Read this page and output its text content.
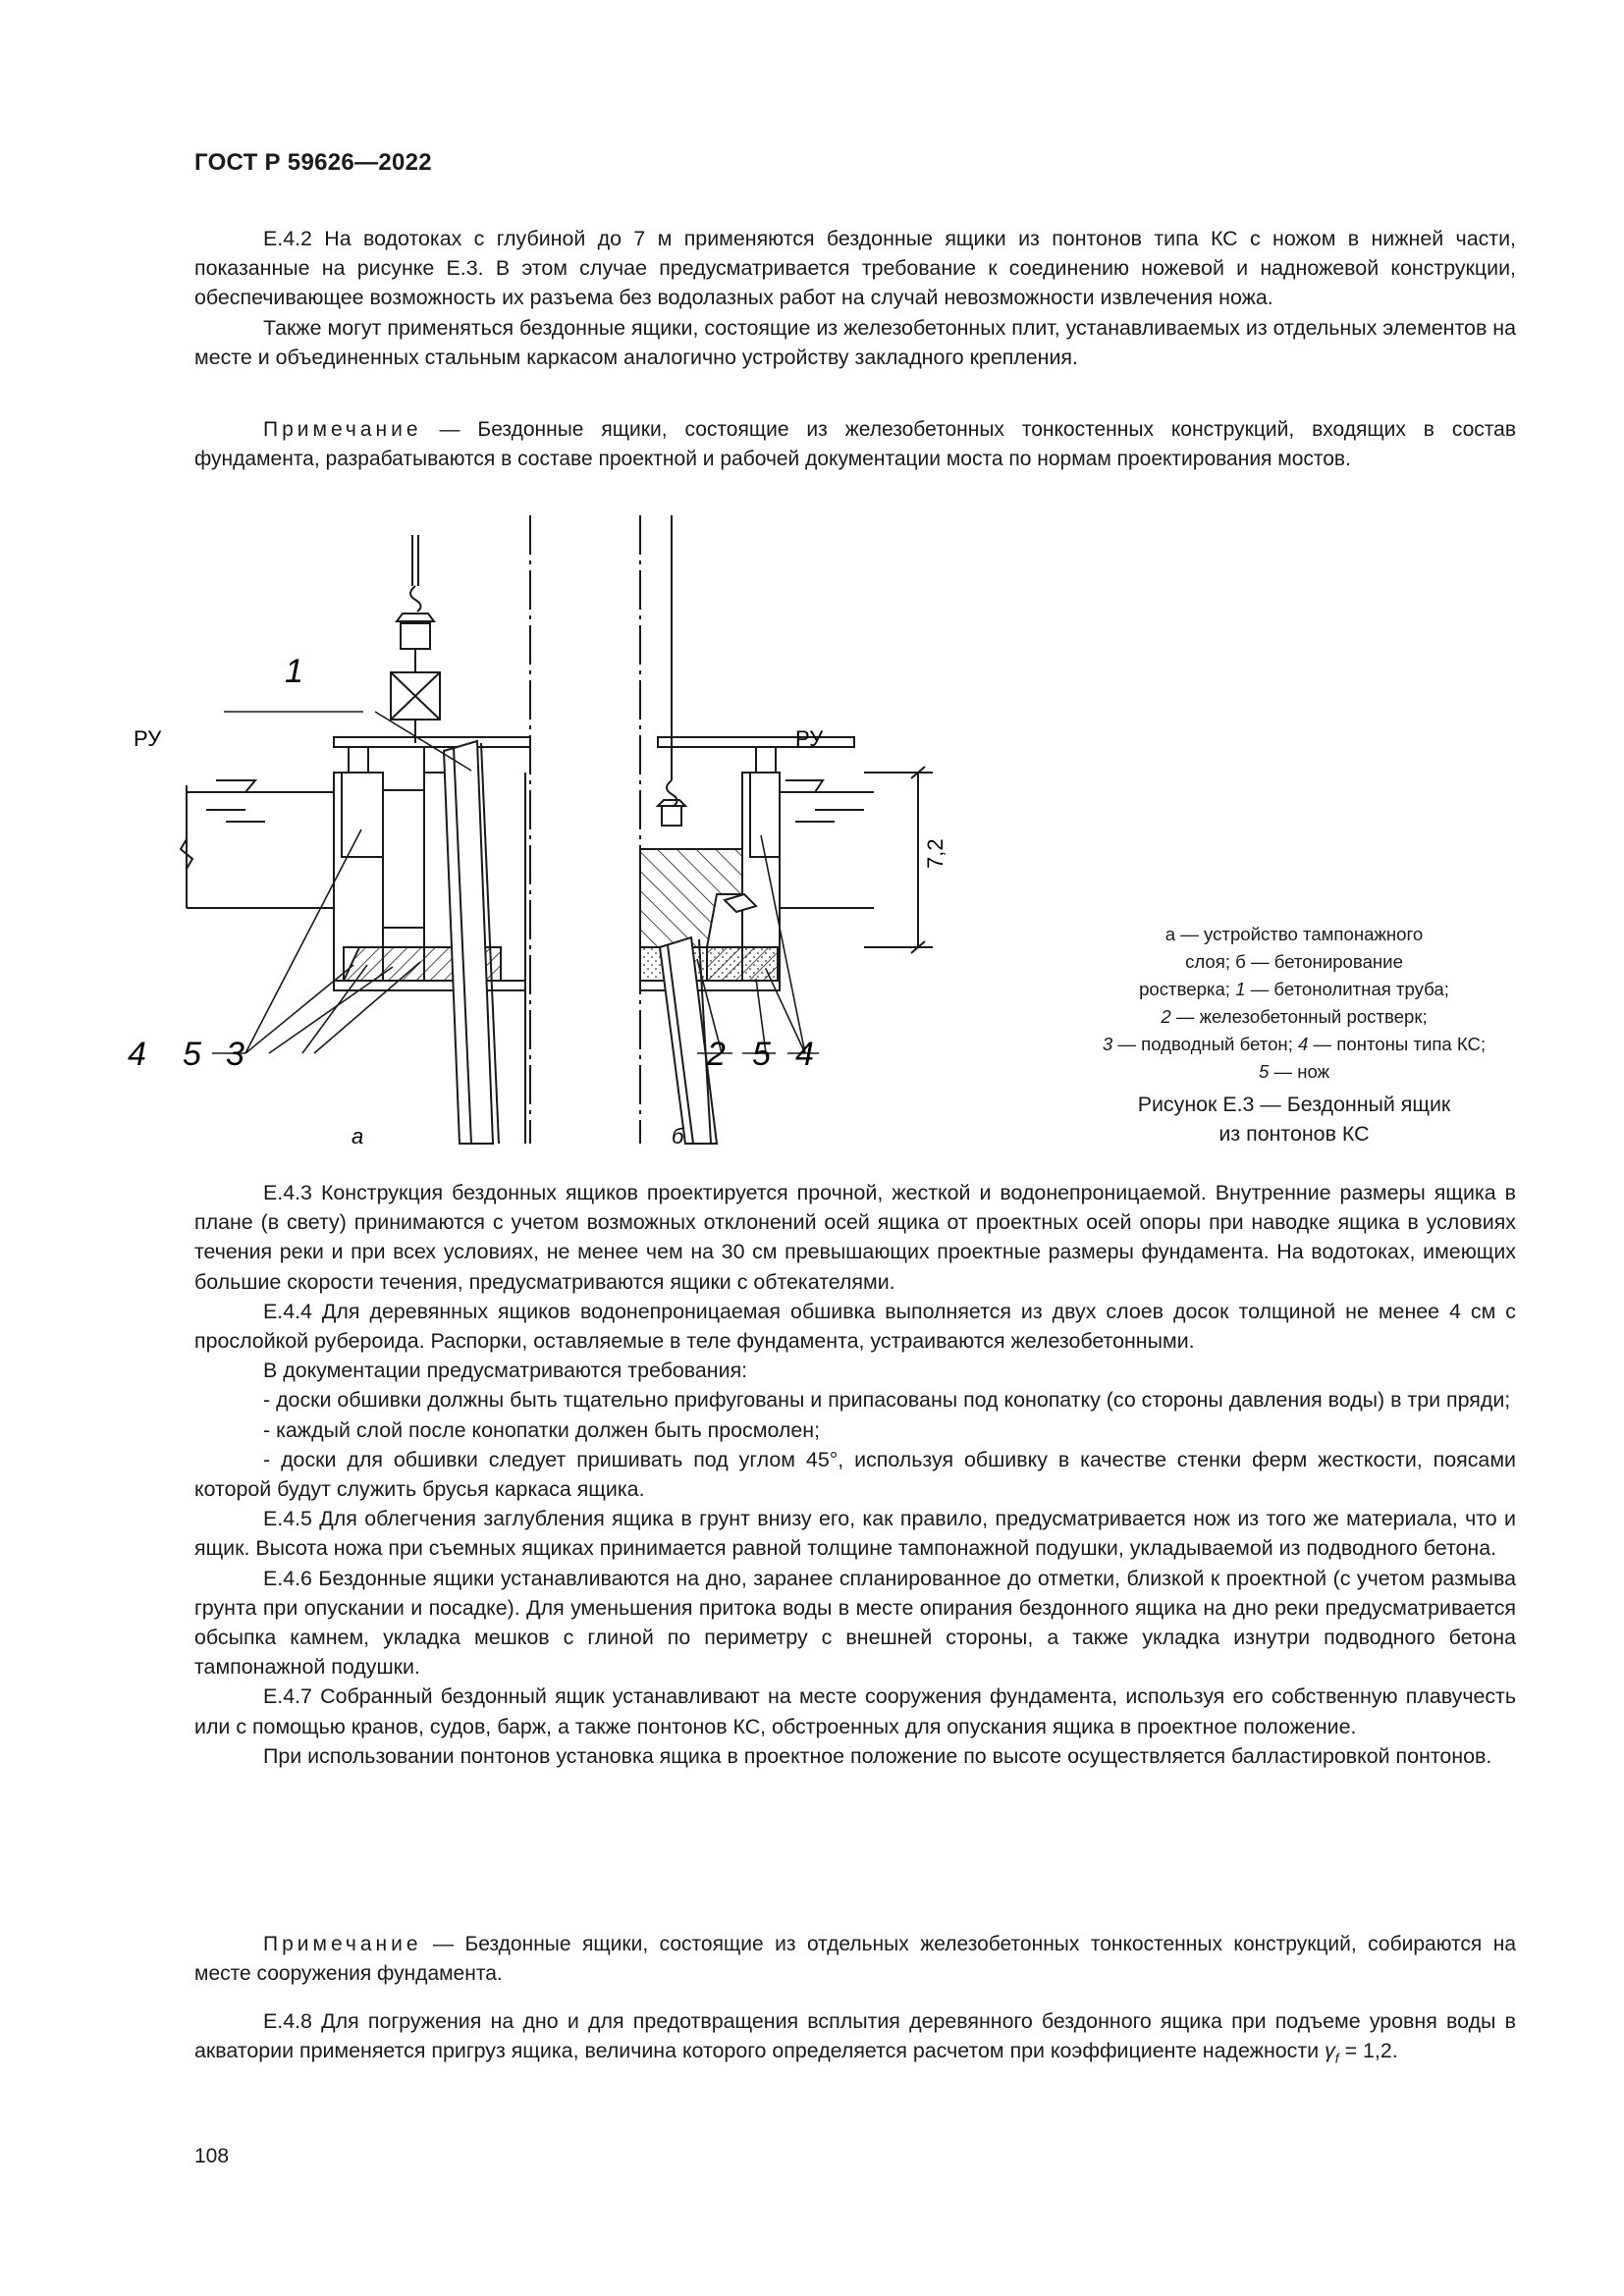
ГОСТ Р 59626—2022

Е.4.2 На водотоках с глубиной до 7 м применяются бездонные ящики из понтонов типа КС с ножом в нижней части, показанные на рисунке Е.3. В этом случае предусматривается требование к соединению ножевой и надножевой конструкции, обеспечивающее возможность их разъема без водолазных работ на случай невозможности извлечения ножа.

Также могут применяться бездонные ящики, состоящие из железобетонных плит, устанавливаемых из отдельных элементов на месте и объединенных стальным каркасом аналогично устройству закладного крепления.

Примечание — Бездонные ящики, состоящие из железобетонных тонкостенных конструкций, входящих в состав фундамента, разрабатываются в составе проектной и рабочей документации моста по нормам проектирования мостов.

РУ	РУ
7,2
1
4 5 3	2 5 4
а	б
а — устройство тампонажного
слоя; б — бетонирование
ростверка; 1 — бетонолитная труба;
2 — железобетонный ростверк;
3 — подводный бетон; 4 — понтоны типа КС;
5 — нож
Рисунок Е.3 — Бездонный ящик
из понтонов КС

Е.4.3 Конструкция бездонных ящиков проектируется прочной, жесткой и водонепроницаемой. Внутренние размеры ящика в плане (в свету) принимаются с учетом возможных отклонений осей ящика от проектных осей опоры при наводке ящика в условиях течения реки и при всех условиях, не менее чем на 30 см превышающих проектные размеры фундамента. На водотоках, имеющих большие скорости течения, предусматриваются ящики с обтекателями.

Е.4.4 Для деревянных ящиков водонепроницаемая обшивка выполняется из двух слоев досок толщиной не менее 4 см с прослойкой рубероида. Распорки, оставляемые в теле фундамента, устраиваются железобетонными.

В документации предусматриваются требования:

- доски обшивки должны быть тщательно прифугованы и припасованы под конопатку (со стороны давления воды) в три пряди;

- каждый слой после конопатки должен быть просмолен;

- доски для обшивки следует пришивать под углом 45°, используя обшивку в качестве стенки ферм жесткости, поясами которой будут служить брусья каркаса ящика.

Е.4.5 Для облегчения заглубления ящика в грунт внизу его, как правило, предусматривается нож из того же материала, что и ящик. Высота ножа при съемных ящиках принимается равной толщине тампонажной подушки, укладываемой из подводного бетона.

Е.4.6 Бездонные ящики устанавливаются на дно, заранее спланированное до отметки, близкой к проектной (с учетом размыва грунта при опускании и посадке). Для уменьшения притока воды в месте опирания бездонного ящика на дно реки предусматривается обсыпка камнем, укладка мешков с глиной по периметру с внешней стороны, а также укладка изнутри подводного бетона тампонажной подушки.

Е.4.7 Собранный бездонный ящик устанавливают на месте сооружения фундамента, используя его собственную плавучесть или с помощью кранов, судов, барж, а также понтонов КС, обстроенных для опускания ящика в проектное положение.

При использовании понтонов установка ящика в проектное положение по высоте осуществляется балластировкой понтонов.

Примечание — Бездонные ящики, состоящие из отдельных железобетонных тонкостенных конструкций, собираются на месте сооружения фундамента.

Е.4.8 Для погружения на дно и для предотвращения всплытия деревянного бездонного ящика при подъеме уровня воды в акватории применяется пригруз ящика, величина которого определяется расчетом при коэффициенте надежности $\gamma_f = 1,2$.

108
